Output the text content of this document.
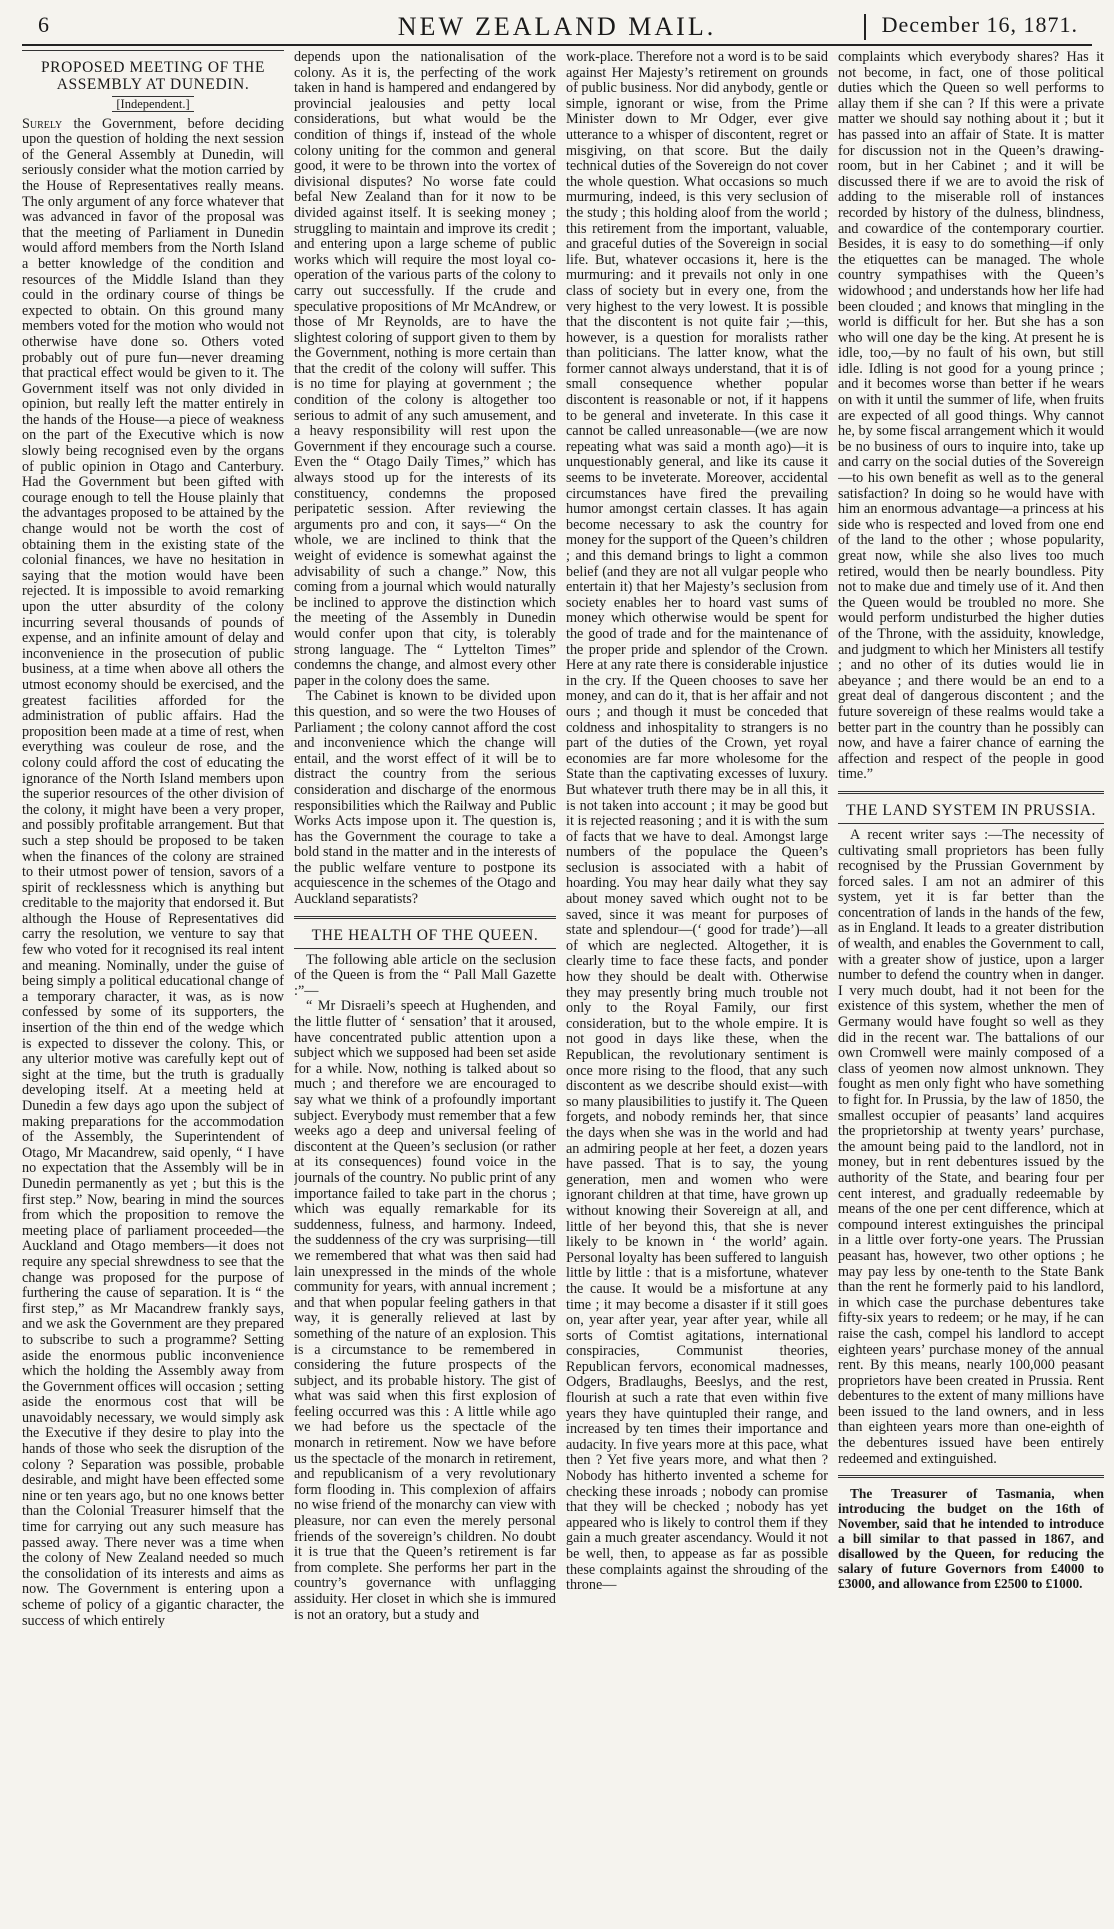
6	NEW ZEALAND MAIL.	December 16, 1871.
PROPOSED MEETING OF THE ASSEMBLY AT DUNEDIN.
[Independent.]

Surely the Government, before deciding upon the question of holding the next session of the General Assembly at Dunedin, will seriously consider what the motion carried by the House of Representatives really means. The only argument of any force whatever that was advanced in favor of the proposal was that the meeting of Parliament in Dunedin would afford members from the North Island a better knowledge of the condition and resources of the Middle Island than they could in the ordinary course of things be expected to obtain. On this ground many members voted for the motion who would not otherwise have done so. Others voted probably out of pure fun—never dreaming that practical effect would be given to it. The Government itself was not only divided in opinion, but really left the matter entirely in the hands of the House—a piece of weakness on the part of the Executive which is now slowly being recognised even by the organs of public opinion in Otago and Canterbury. Had the Government but been gifted with courage enough to tell the House plainly that the advantages proposed to be attained by the change would not be worth the cost of obtaining them in the existing state of the colonial finances, we have no hesitation in saying that the motion would have been rejected. It is impossible to avoid remarking upon the utter absurdity of the colony incurring several thousands of pounds of expense, and an infinite amount of delay and inconvenience in the prosecution of public business, at a time when above all others the utmost economy should be exercised, and the greatest facilities afforded for the administration of public affairs. Had the proposition been made at a time of rest, when everything was couleur de rose, and the colony could afford the cost of educating the ignorance of the North Island members upon the superior resources of the other division of the colony, it might have been a very proper, and possibly profitable arrangement. But that such a step should be proposed to be taken when the finances of the colony are strained to their utmost power of tension, savors of a spirit of recklessness which is anything but creditable to the majority that endorsed it. But although the House of Representatives did carry the resolution, we venture to say that few who voted for it recognised its real intent and meaning. Nominally, under the guise of being simply a political educational change of a temporary character, it was, as is now confessed by some of its supporters, the insertion of the thin end of the wedge which is expected to dissever the colony. This, or any ulterior motive was carefully kept out of sight at the time, but the truth is gradually developing itself. At a meeting held at Dunedin a few days ago upon the subject of making preparations for the accommodation of the Assembly, the Superintendent of Otago, Mr Macandrew, said openly, “ I have no expectation that the Assembly will be in Dunedin permanently as yet ; but this is the first step.” Now, bearing in mind the sources from which the proposition to remove the meeting place of parliament proceeded—the Auckland and Otago members—it does not require any special shrewdness to see that the change was proposed for the purpose of furthering the cause of separation. It is “ the first step,” as Mr Macandrew frankly says, and we ask the Government are they prepared to subscribe to such a programme? Setting aside the enormous public inconvenience which the holding the Assembly away from the Government offices will occasion ; setting aside the enormous cost that will be unavoidably necessary, we would simply ask the Executive if they desire to play into the hands of those who seek the disruption of the colony ? Separation was possible, probable desirable, and might have been effected some nine or ten years ago, but no one knows better than the Colonial Treasurer himself that the time for carrying out any such measure has passed away. There never was a time when the colony of New Zealand needed so much the consolidation of its interests and aims as now. The Government is entering upon a scheme of policy of a gigantic character, the success of which entirely

depends upon the nationalisation of the colony. As it is, the perfecting of the work taken in hand is hampered and endangered by provincial jealousies and petty local considerations, but what would be the condition of things if, instead of the whole colony uniting for the common and general good, it were to be thrown into the vortex of divisional disputes? No worse fate could befal New Zealand than for it now to be divided against itself. It is seeking money ; struggling to maintain and improve its credit ; and entering upon a large scheme of public works which will require the most loyal co-operation of the various parts of the colony to carry out successfully. If the crude and speculative propositions of Mr McAndrew, or those of Mr Reynolds, are to have the slightest coloring of support given to them by the Government, nothing is more certain than that the credit of the colony will suffer. This is no time for playing at government ; the condition of the colony is altogether too serious to admit of any such amusement, and a heavy responsibility will rest upon the Government if they encourage such a course. Even the “ Otago Daily Times,” which has always stood up for the interests of its constituency, condemns the proposed peripatetic session. After reviewing the arguments pro and con, it says—“ On the whole, we are inclined to think that the weight of evidence is somewhat against the advisability of such a change.” Now, this coming from a journal which would naturally be inclined to approve the distinction which the meeting of the Assembly in Dunedin would confer upon that city, is tolerably strong language. The “ Lyttelton Times” condemns the change, and almost every other paper in the colony does the same.

The Cabinet is known to be divided upon this question, and so were the two Houses of Parliament ; the colony cannot afford the cost and inconvenience which the change will entail, and the worst effect of it will be to distract the country from the serious consideration and discharge of the enormous responsibilities which the Railway and Public Works Acts impose upon it. The question is, has the Government the courage to take a bold stand in the matter and in the interests of the public welfare venture to postpone its acquiescence in the schemes of the Otago and Auckland separatists?

THE HEALTH OF THE QUEEN.

The following able article on the seclusion of the Queen is from the “ Pall Mall Gazette :”—

“ Mr Disraeli’s speech at Hughenden, and the little flutter of ‘ sensation’ that it aroused, have concentrated public attention upon a subject which we supposed had been set aside for a while. Now, nothing is talked about so much ; and therefore we are encouraged to say what we think of a profoundly important subject. Everybody must remember that a few weeks ago a deep and universal feeling of discontent at the Queen’s seclusion (or rather at its consequences) found voice in the journals of the country. No public print of any importance failed to take part in the chorus ; which was equally remarkable for its suddenness, fulness, and harmony. Indeed, the suddenness of the cry was surprising—till we remembered that what was then said had lain unexpressed in the minds of the whole community for years, with annual increment ; and that when popular feeling gathers in that way, it is generally relieved at last by something of the nature of an explosion. This is a circumstance to be remembered in considering the future prospects of the subject, and its probable history. The gist of what was said when this first explosion of feeling occurred was this : A little while ago we had before us the spectacle of the monarch in retirement. Now we have before us the spectacle of the monarch in retirement, and republicanism of a very revolutionary form flooding in. This complexion of affairs no wise friend of the monarchy can view with pleasure, nor can even the merely personal friends of the sovereign’s children. No doubt it is true that the Queen’s retirement is far from complete. She performs her part in the country’s governance with unflagging assiduity. Her closet in which she is immured is not an oratory, but a study and

work-place. Therefore not a word is to be said against Her Majesty’s retirement on grounds of public business. Nor did anybody, gentle or simple, ignorant or wise, from the Prime Minister down to Mr Odger, ever give utterance to a whisper of discontent, regret or misgiving, on that score. But the daily technical duties of the Sovereign do not cover the whole question. What occasions so much murmuring, indeed, is this very seclusion of the study ; this holding aloof from the world ; this retirement from the important, valuable, and graceful duties of the Sovereign in social life. But, whatever occasions it, here is the murmuring: and it prevails not only in one class of society but in every one, from the very highest to the very lowest. It is possible that the discontent is not quite fair ;—this, however, is a question for moralists rather than politicians. The latter know, what the former cannot always understand, that it is of small consequence whether popular discontent is reasonable or not, if it happens to be general and inveterate. In this case it cannot be called unreasonable—(we are now repeating what was said a month ago)—it is unquestionably general, and like its cause it seems to be inveterate. Moreover, accidental circumstances have fired the prevailing humor amongst certain classes. It has again become necessary to ask the country for money for the support of the Queen’s children ; and this demand brings to light a common belief (and they are not all vulgar people who entertain it) that her Majesty’s seclusion from society enables her to hoard vast sums of money which otherwise would be spent for the good of trade and for the maintenance of the proper pride and splendor of the Crown. Here at any rate there is considerable injustice in the cry. If the Queen chooses to save her money, and can do it, that is her affair and not ours ; and though it must be conceded that coldness and inhospitality to strangers is no part of the duties of the Crown, yet royal economies are far more wholesome for the State than the captivating excesses of luxury. But whatever truth there may be in all this, it is not taken into account ; it may be good but it is rejected reasoning ; and it is with the sum of facts that we have to deal. Amongst large numbers of the populace the Queen’s seclusion is associated with a habit of hoarding. You may hear daily what they say about money saved which ought not to be saved, since it was meant for purposes of state and splendour—(‘ good for trade’)—all of which are neglected. Altogether, it is clearly time to face these facts, and ponder how they should be dealt with. Otherwise they may presently bring much trouble not only to the Royal Family, our first consideration, but to the whole empire. It is not good in days like these, when the Republican, the revolutionary sentiment is once more rising to the flood, that any such discontent as we describe should exist—with so many plausibilities to justify it. The Queen forgets, and nobody reminds her, that since the days when she was in the world and had an admiring people at her feet, a dozen years have passed. That is to say, the young generation, men and women who were ignorant children at that time, have grown up without knowing their Sovereign at all, and little of her beyond this, that she is never likely to be known in ‘ the world’ again. Personal loyalty has been suffered to languish little by little : that is a misfortune, whatever the cause. It would be a misfortune at any time ; it may become a disaster if it still goes on, year after year, year after year, while all sorts of Comtist agitations, international conspiracies, Communist theories, Republican fervors, economical madnesses, Odgers, Bradlaughs, Beeslys, and the rest, flourish at such a rate that even within five years they have quintupled their range, and increased by ten times their importance and audacity. In five years more at this pace, what then ? Yet five years more, and what then ? Nobody has hitherto invented a scheme for checking these inroads ; nobody can promise that they will be checked ; nobody has yet appeared who is likely to control them if they gain a much greater ascendancy. Would it not be well, then, to appease as far as possible these complaints against the shrouding of the throne—

complaints which everybody shares? Has it not become, in fact, one of those political duties which the Queen so well performs to allay them if she can ? If this were a private matter we should say nothing about it ; but it has passed into an affair of State. It is matter for discussion not in the Queen’s drawing-room, but in her Cabinet ; and it will be discussed there if we are to avoid the risk of adding to the miserable roll of instances recorded by history of the dulness, blindness, and cowardice of the contemporary courtier. Besides, it is easy to do something—if only the etiquettes can be managed. The whole country sympathises with the Queen’s widowhood ; and understands how her life had been clouded ; and knows that mingling in the world is difficult for her. But she has a son who will one day be the king. At present he is idle, too,—by no fault of his own, but still idle. Idling is not good for a young prince ; and it becomes worse than better if he wears on with it until the summer of life, when fruits are expected of all good things. Why cannot he, by some fiscal arrangement which it would be no business of ours to inquire into, take up and carry on the social duties of the Sovereign—to his own benefit as well as to the general satisfaction? In doing so he would have with him an enormous advantage—a princess at his side who is respected and loved from one end of the land to the other ; whose popularity, great now, while she also lives too much retired, would then be nearly boundless. Pity not to make due and timely use of it. And then the Queen would be troubled no more. She would perform undisturbed the higher duties of the Throne, with the assiduity, knowledge, and judgment to which her Ministers all testify ; and no other of its duties would lie in abeyance ; and there would be an end to a great deal of dangerous discontent ; and the future sovereign of these realms would take a better part in the country than he possibly can now, and have a fairer chance of earning the affection and respect of the people in good time.”

THE LAND SYSTEM IN PRUSSIA.

A recent writer says :—The necessity of cultivating small proprietors has been fully recognised by the Prussian Government by forced sales. I am not an admirer of this system, yet it is far better than the concentration of lands in the hands of the few, as in England. It leads to a greater distribution of wealth, and enables the Government to call, with a greater show of justice, upon a larger number to defend the country when in danger. I very much doubt, had it not been for the existence of this system, whether the men of Germany would have fought so well as they did in the recent war. The battalions of our own Cromwell were mainly composed of a class of yeomen now almost unknown. They fought as men only fight who have something to fight for. In Prussia, by the law of 1850, the smallest occupier of peasants’ land acquires the proprietorship at twenty years’ purchase, the amount being paid to the landlord, not in money, but in rent debentures issued by the authority of the State, and bearing four per cent interest, and gradually redeemable by means of the one per cent difference, which at compound interest extinguishes the principal in a little over forty-one years. The Prussian peasant has, however, two other options ; he may pay less by one-tenth to the State Bank than the rent he formerly paid to his landlord, in which case the purchase debentures take fifty-six years to redeem; or he may, if he can raise the cash, compel his landlord to accept eighteen years’ purchase money of the annual rent. By this means, nearly 100,000 peasant proprietors have been created in Prussia. Rent debentures to the extent of many millions have been issued to the land owners, and in less than eighteen years more than one-eighth of the debentures issued have been entirely redeemed and extinguished.

The Treasurer of Tasmania, when introducing the budget on the 16th of November, said that he intended to introduce a bill similar to that passed in 1867, and disallowed by the Queen, for reducing the salary of future Governors from £4000 to £3000, and allowance from £2500 to £1000.
